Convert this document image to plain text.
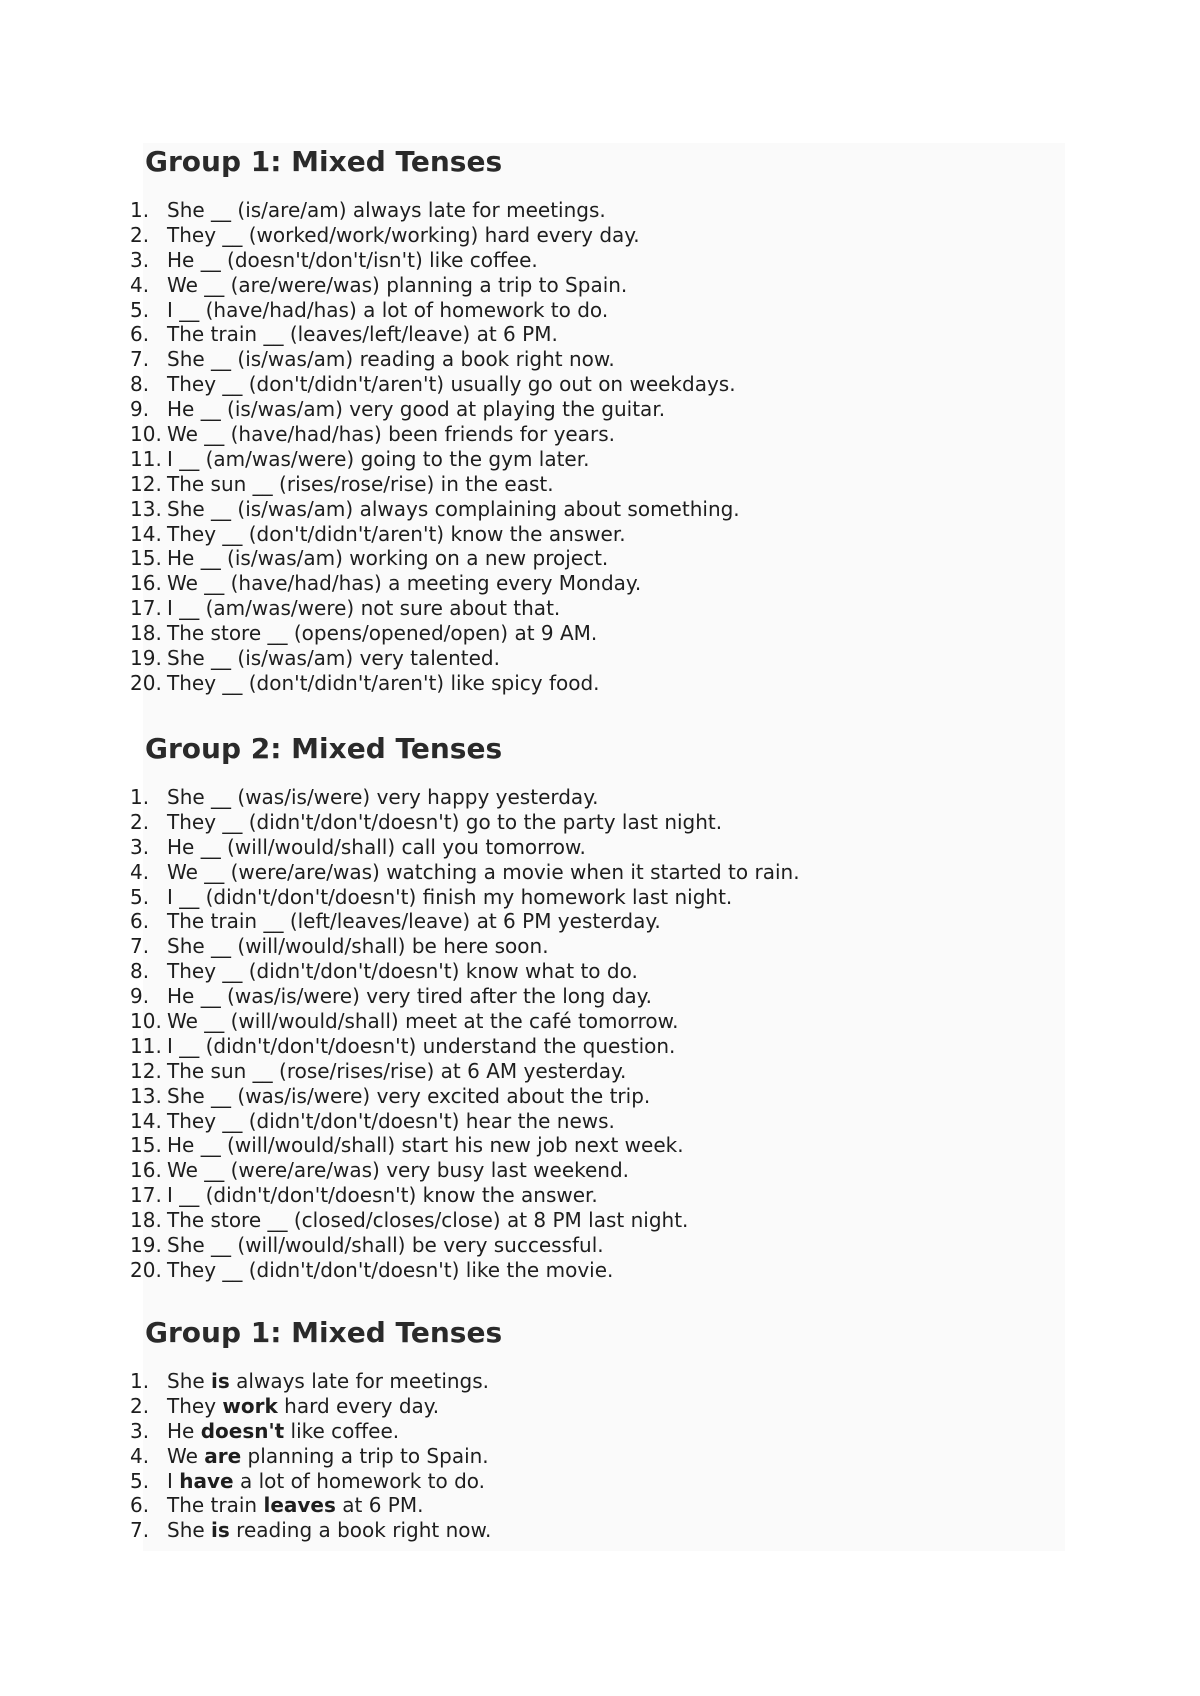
Group 1: Mixed Tenses
1. She __ (is/are/am) always late for meetings.
2. They __ (worked/work/working) hard every day.
3. He __ (doesn't/don't/isn't) like coffee.
4. We __ (are/were/was) planning a trip to Spain.
5. I __ (have/had/has) a lot of homework to do.
6. The train __ (leaves/left/leave) at 6 PM.
7. She __ (is/was/am) reading a book right now.
8. They __ (don't/didn't/aren't) usually go out on weekdays.
9. He __ (is/was/am) very good at playing the guitar.
10. We __ (have/had/has) been friends for years.
11. I __ (am/was/were) going to the gym later.
12. The sun __ (rises/rose/rise) in the east.
13. She __ (is/was/am) always complaining about something.
14. They __ (don't/didn't/aren't) know the answer.
15. He __ (is/was/am) working on a new project.
16. We __ (have/had/has) a meeting every Monday.
17. I __ (am/was/were) not sure about that.
18. The store __ (opens/opened/open) at 9 AM.
19. She __ (is/was/am) very talented.
20. They __ (don't/didn't/aren't) like spicy food.
Group 2: Mixed Tenses
1. She __ (was/is/were) very happy yesterday.
2. They __ (didn't/don't/doesn't) go to the party last night.
3. He __ (will/would/shall) call you tomorrow.
4. We __ (were/are/was) watching a movie when it started to rain.
5. I __ (didn't/don't/doesn't) finish my homework last night.
6. The train __ (left/leaves/leave) at 6 PM yesterday.
7. She __ (will/would/shall) be here soon.
8. They __ (didn't/don't/doesn't) know what to do.
9. He __ (was/is/were) very tired after the long day.
10. We __ (will/would/shall) meet at the café tomorrow.
11. I __ (didn't/don't/doesn't) understand the question.
12. The sun __ (rose/rises/rise) at 6 AM yesterday.
13. She __ (was/is/were) very excited about the trip.
14. They __ (didn't/don't/doesn't) hear the news.
15. He __ (will/would/shall) start his new job next week.
16. We __ (were/are/was) very busy last weekend.
17. I __ (didn't/don't/doesn't) know the answer.
18. The store __ (closed/closes/close) at 8 PM last night.
19. She __ (will/would/shall) be very successful.
20. They __ (didn't/don't/doesn't) like the movie.
Group 1: Mixed Tenses
1. She is always late for meetings.
2. They work hard every day.
3. He doesn't like coffee.
4. We are planning a trip to Spain.
5. I have a lot of homework to do.
6. The train leaves at 6 PM.
7. She is reading a book right now.
